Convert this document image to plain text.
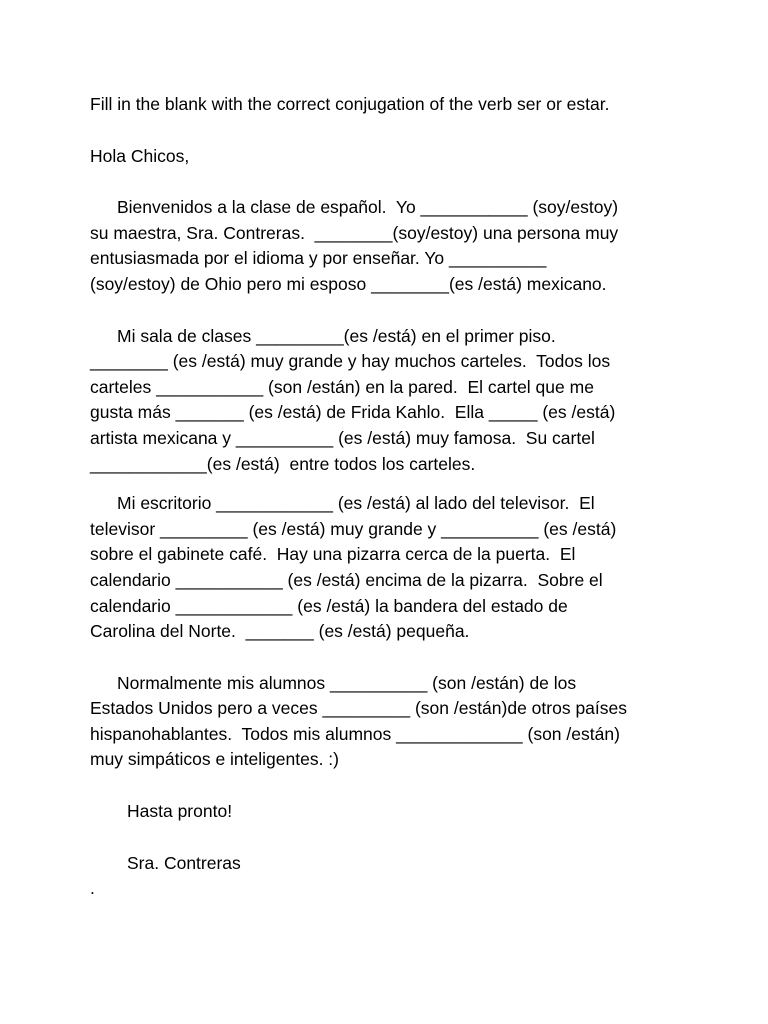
Fill in the blank with the correct conjugation of the verb ser or estar.
Hola Chicos,
Bienvenidos a la clase de español.  Yo ___________ (soy/estoy)
su maestra, Sra. Contreras.  ________(soy/estoy) una persona muy
entusiasmada por el idioma y por enseñar. Yo __________
(soy/estoy) de Ohio pero mi esposo ________(es /está) mexicano.
Mi sala de clases _________(es /está) en el primer piso.
________ (es /está) muy grande y hay muchos carteles.  Todos los
carteles ___________ (son /están) en la pared.  El cartel que me
gusta más _______ (es /está) de Frida Kahlo.  Ella _____ (es /está)
artista mexicana y __________ (es /está) muy famosa.  Su cartel
____________(es /está)  entre todos los carteles.
Mi escritorio ____________ (es /está) al lado del televisor.  El
televisor _________ (es /está) muy grande y __________ (es /está)
sobre el gabinete café.  Hay una pizarra cerca de la puerta.  El
calendario ___________ (es /está) encima de la pizarra.  Sobre el
calendario ____________ (es /está) la bandera del estado de
Carolina del Norte.  _______ (es /está) pequeña.
Normalmente mis alumnos __________ (son /están) de los
Estados Unidos pero a veces _________ (son /están)de otros países
hispanohablantes.  Todos mis alumnos _____________ (son /están)
muy simpáticos e inteligentes. :)
Hasta pronto!
Sra. Contreras
.
